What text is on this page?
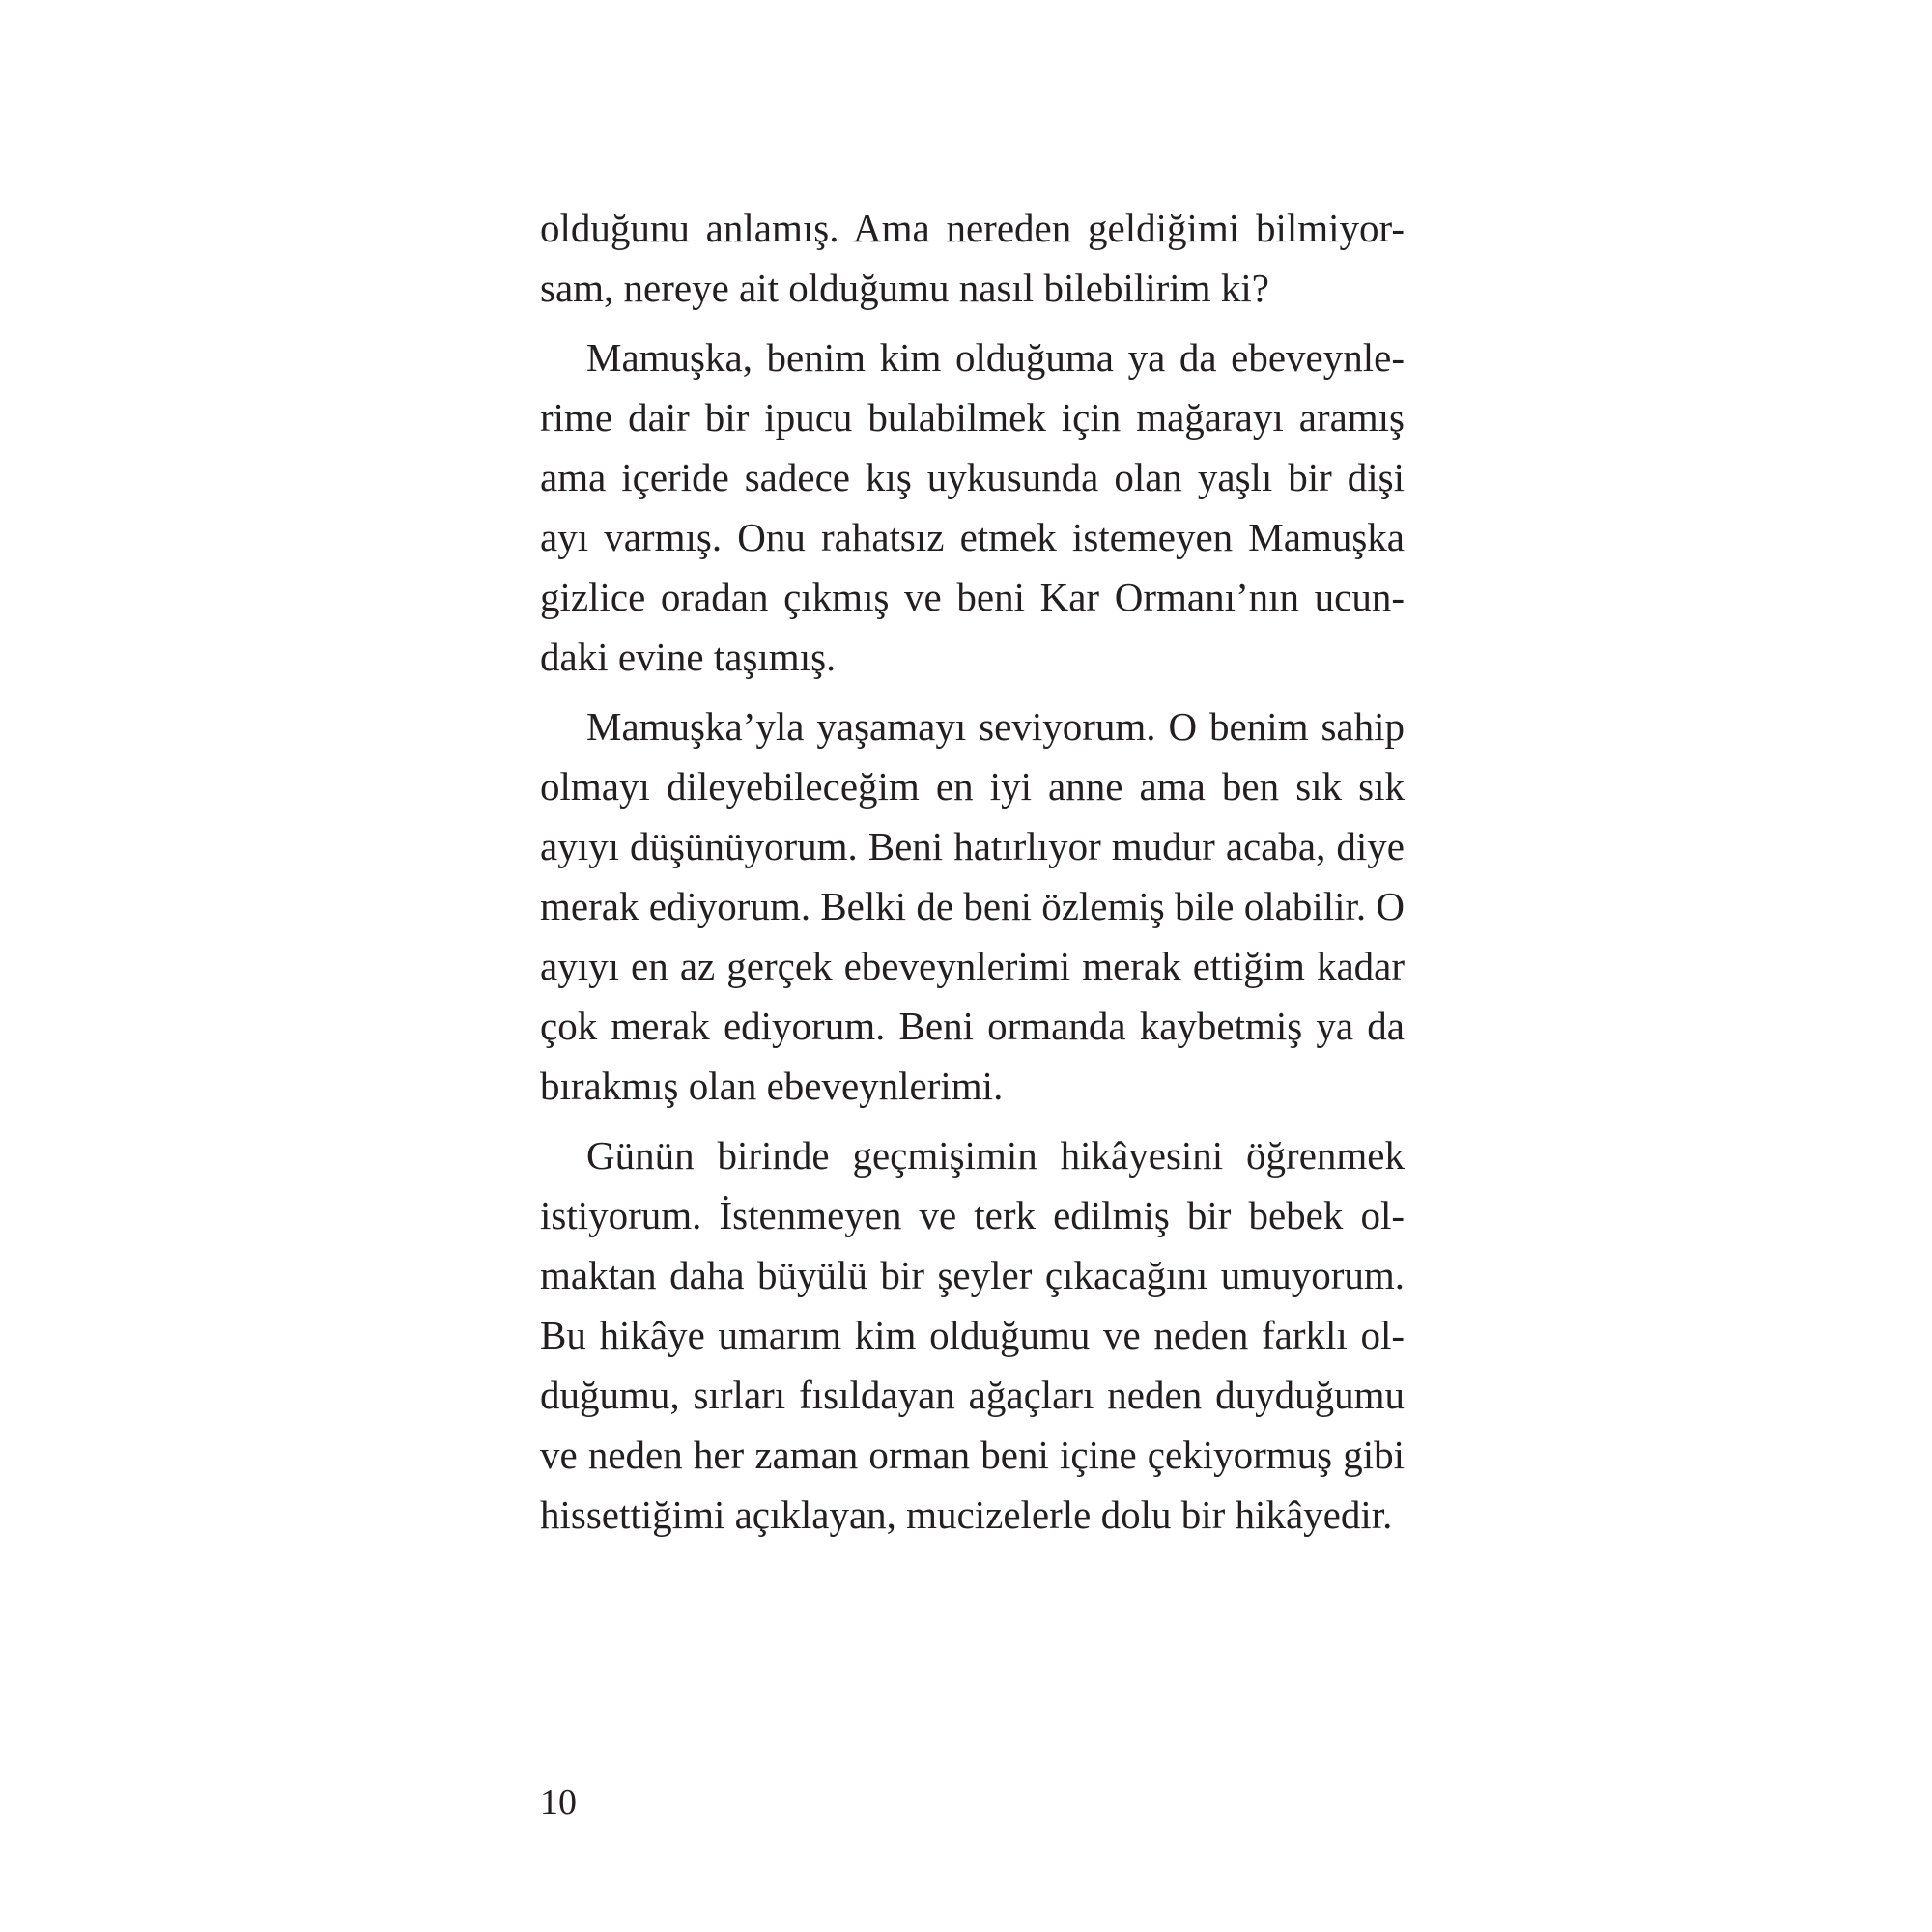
olduğunu anlamış. Ama nereden geldiğimi bilmiyor-
sam, nereye ait olduğumu nasıl bilebilirim ki?
Mamuşka, benim kim olduğuma ya da ebeveynle-
rime dair bir ipucu bulabilmek için mağarayı aramış
ama içeride sadece kış uykusunda olan yaşlı bir dişi
ayı varmış. Onu rahatsız etmek istemeyen Mamuşka
gizlice oradan çıkmış ve beni Kar Ormanı’nın ucun-
daki evine taşımış.
Mamuşka’yla yaşamayı seviyorum. O benim sahip
olmayı dileyebileceğim en iyi anne ama ben sık sık
ayıyı düşünüyorum. Beni hatırlıyor mudur acaba, diye
merak ediyorum. Belki de beni özlemiş bile olabilir. O
ayıyı en az gerçek ebeveynlerimi merak ettiğim kadar
çok merak ediyorum. Beni ormanda kaybetmiş ya da
bırakmış olan ebeveynlerimi.
Günün birinde geçmişimin hikâyesini öğrenmek
istiyorum. İstenmeyen ve terk edilmiş bir bebek ol-
maktan daha büyülü bir şeyler çıkacağını umuyorum.
Bu hikâye umarım kim olduğumu ve neden farklı ol-
duğumu, sırları fısıldayan ağaçları neden duyduğumu
ve neden her zaman orman beni içine çekiyormuş gibi
hissettiğimi açıklayan, mucizelerle dolu bir hikâyedir.
10
